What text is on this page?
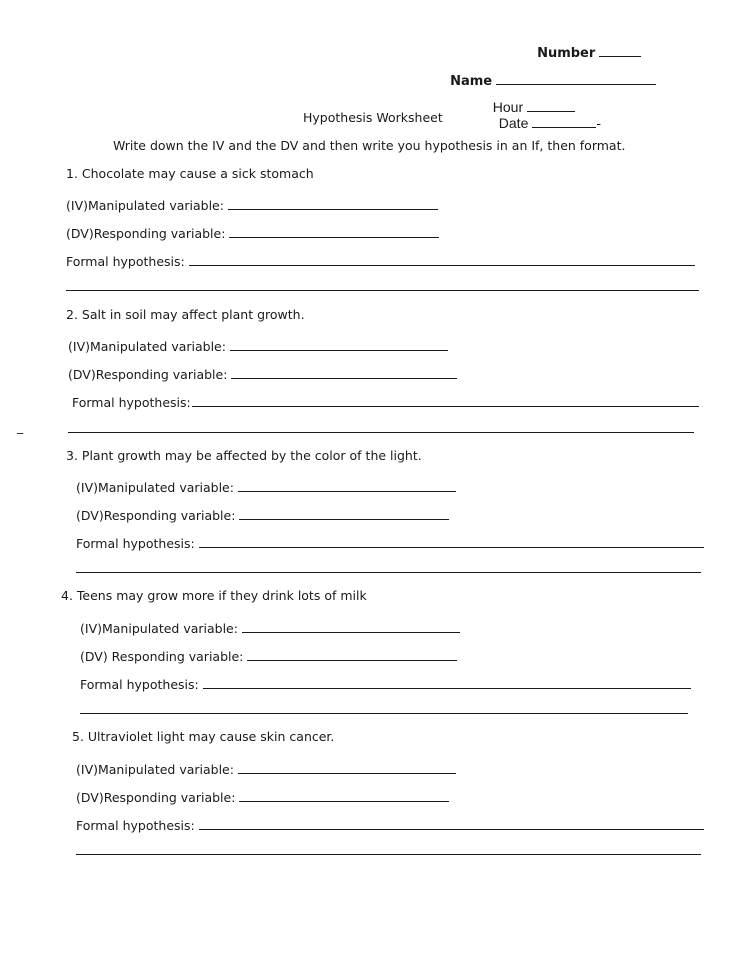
Number

Name

Hour
Date	-

Hypothesis Worksheet
Write down the IV and the DV and then write you hypothesis in an If, then format.
1. Chocolate may cause a sick stomach
(IV)Manipulated variable:
(DV)Responding variable:
Formal hypothesis:
2. Salt in soil may affect plant growth.
(IV)Manipulated variable:
(DV)Responding variable:
Formal hypothesis:
_
3. Plant growth may be affected by the color of the light.
(IV)Manipulated variable:
(DV)Responding variable:
Formal hypothesis:
4. Teens may grow more if they drink lots of milk
(IV)Manipulated variable:
(DV) Responding variable:
Formal hypothesis:
5. Ultraviolet light may cause skin cancer.
(IV)Manipulated variable:
(DV)Responding variable:
Formal hypothesis:
